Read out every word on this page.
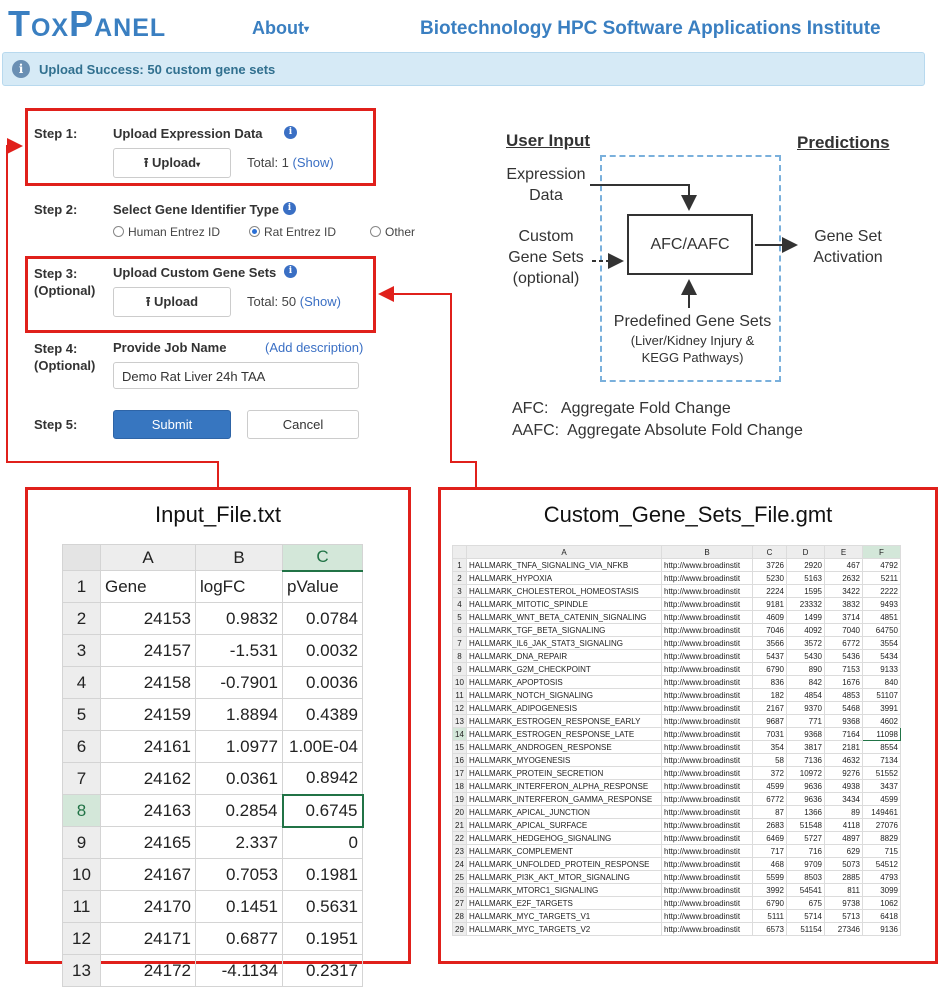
ToxPanel	About▾	Biotechnology HPC Software Applications Institute
i	Upload Success: 50 custom gene sets
Step 1:	Upload Expression Data	i
⭱ Upload▾	Total: 1 (Show)
Step 2:	Select Gene Identifier Type i
Human Entrez ID	Rat Entrez ID	Other
Step 3:
(Optional)
Upload Custom Gene Sets	i
⭱ Upload	Total: 50 (Show)
Step 4:
(Optional)
Provide Job Name	(Add description)
Demo Rat Liver 24h TAA
Step 5:	Submit	Cancel
User Input	Predictions
Expression
Data
Custom
Gene Sets
(optional)
AFC/AAFC	Gene Set
Activation
Predefined Gene Sets
(Liver/Kidney Injury &
KEGG Pathways)
AFC:   Aggregate Fold Change
AAFC:  Aggregate Absolute Fold Change
Input_File.txt
	A	B	C
1	Gene	logFC	pValue
2	24153	0.9832	0.0784
3	24157	-1.531	0.0032
4	24158	-0.7901	0.0036
5	24159	1.8894	0.4389
6	24161	1.0977	1.00E-04
7	24162	0.0361	0.8942
8	24163	0.2854	0.6745
9	24165	2.337	0
10	24167	0.7053	0.1981
11	24170	0.1451	0.5631
12	24171	0.6877	0.1951
13	24172	-4.1134	0.2317
Custom_Gene_Sets_File.gmt
	A	B	C	D	E	F
1	HALLMARK_TNFA_SIGNALING_VIA_NFKB	http://www.broadinstit	3726	2920	467	4792
2	HALLMARK_HYPOXIA	http://www.broadinstit	5230	5163	2632	5211
3	HALLMARK_CHOLESTEROL_HOMEOSTASIS	http://www.broadinstit	2224	1595	3422	2222
4	HALLMARK_MITOTIC_SPINDLE	http://www.broadinstit	9181	23332	3832	9493
5	HALLMARK_WNT_BETA_CATENIN_SIGNALING	http://www.broadinstit	4609	1499	3714	4851
6	HALLMARK_TGF_BETA_SIGNALING	http://www.broadinstit	7046	4092	7040	64750
7	HALLMARK_IL6_JAK_STAT3_SIGNALING	http://www.broadinstit	3566	3572	6772	3554
8	HALLMARK_DNA_REPAIR	http://www.broadinstit	5437	5430	5436	5434
9	HALLMARK_G2M_CHECKPOINT	http://www.broadinstit	6790	890	7153	9133
10	HALLMARK_APOPTOSIS	http://www.broadinstit	836	842	1676	840
11	HALLMARK_NOTCH_SIGNALING	http://www.broadinstit	182	4854	4853	51107
12	HALLMARK_ADIPOGENESIS	http://www.broadinstit	2167	9370	5468	3991
13	HALLMARK_ESTROGEN_RESPONSE_EARLY	http://www.broadinstit	9687	771	9368	4602
14	HALLMARK_ESTROGEN_RESPONSE_LATE	http://www.broadinstit	7031	9368	7164	11098
15	HALLMARK_ANDROGEN_RESPONSE	http://www.broadinstit	354	3817	2181	8554
16	HALLMARK_MYOGENESIS	http://www.broadinstit	58	7136	4632	7134
17	HALLMARK_PROTEIN_SECRETION	http://www.broadinstit	372	10972	9276	51552
18	HALLMARK_INTERFERON_ALPHA_RESPONSE	http://www.broadinstit	4599	9636	4938	3437
19	HALLMARK_INTERFERON_GAMMA_RESPONSE	http://www.broadinstit	6772	9636	3434	4599
20	HALLMARK_APICAL_JUNCTION	http://www.broadinstit	87	1366	89	149461
21	HALLMARK_APICAL_SURFACE	http://www.broadinstit	2683	51548	4118	27076
22	HALLMARK_HEDGEHOG_SIGNALING	http://www.broadinstit	6469	5727	4897	8829
23	HALLMARK_COMPLEMENT	http://www.broadinstit	717	716	629	715
24	HALLMARK_UNFOLDED_PROTEIN_RESPONSE	http://www.broadinstit	468	9709	5073	54512
25	HALLMARK_PI3K_AKT_MTOR_SIGNALING	http://www.broadinstit	5599	8503	2885	4793
26	HALLMARK_MTORC1_SIGNALING	http://www.broadinstit	3992	54541	811	3099
27	HALLMARK_E2F_TARGETS	http://www.broadinstit	6790	675	9738	1062
28	HALLMARK_MYC_TARGETS_V1	http://www.broadinstit	5111	5714	5713	6418
29	HALLMARK_MYC_TARGETS_V2	http://www.broadinstit	6573	51154	27346	9136
